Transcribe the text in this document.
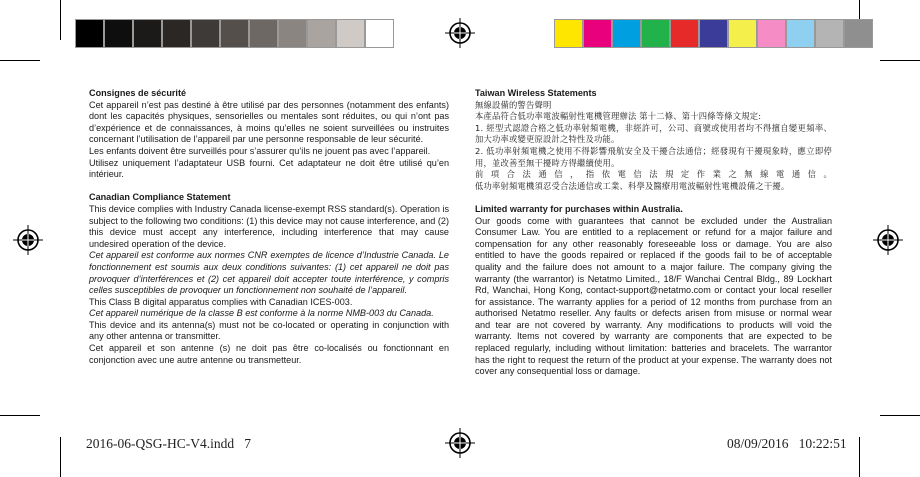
Consignes de sécurité

Cet appareil n’est pas destiné à être utilisé par des personnes (notamment des enfants) dont les capacités physiques, sensorielles ou mentales sont réduites, ou qui n’ont pas d’expérience et de connaissances, à moins qu’elles ne soient surveillées ou instruites concernant l’utilisation de l’appareil par une personne responsable de leur sécurité.

Les enfants doivent être surveillés pour s’assurer qu’ils ne jouent pas avec l’appareil.

Utilisez uniquement l’adaptateur USB fourni. Cet adaptateur ne doit être utilisé qu’en intérieur.

Canadian Compliance Statement

This device complies with Industry Canada license-exempt RSS standard(s). Operation is subject to the following two conditions: (1) this device may not cause interference, and (2) this device must accept any interference, including interference that may cause undesired operation of the device.

Cet appareil est conforme aux normes CNR exemptes de licence d’Industrie Canada. Le fonctionnement est soumis aux deux conditions suivantes: (1) cet appareil ne doit pas provoquer d’interférences et (2) cet appareil doit accepter toute interférence, y compris celles susceptibles de provoquer un fonctionnement non souhaité de l’appareil.

This Class B digital apparatus complies with Canadian ICES-003.

Cet appareil numérique de la classe B est conforme à la norme NMB-003 du Canada.

This device and its antenna(s) must not be co-located or operating in conjunction with any other antenna or transmitter.

Cet appareil et son antenne (s) ne doit pas être co-localisés ou fonctionnant en conjonction avec une autre antenne ou transmetteur.

Taiwan Wireless Statements

無線設備的警告聲明

本產品符合低功率電波輻射性電機管理辦法 第十二條、第十四條等條文規定:

1. 經型式認證合格之低功率射頻電機，非經許可，公司、商號或使用者均不得擅自變更頻率、加大功率或變更原設計之特性及功能。

2. 低功率射頻電機之使用不得影響飛航安全及干擾合法通信；經發現有干擾現象時，應立即停用，並改善至無干擾時方得繼續使用。

前項合法通信，指依電信法規定作業之無線電通信。

低功率射頻電機須忍受合法通信或工業、科學及醫療用電波輻射性電機設備之干擾。

Limited warranty for purchases within Australia.

Our goods come with guarantees that cannot be excluded under the Australian Consumer Law. You are entitled to a replacement or refund for a major failure and compensation for any other reasonably foreseeable loss or damage. You are also entitled to have the goods repaired or replaced if the goods fail to be of acceptable quality and the failure does not amount to a major failure. The company giving the warranty (the warrantor) is Netatmo Limited., 18/F Wanchai Central Bldg., 89 Lockhart Rd, Wanchai, Hong Kong, contact-support@netatmo.com or contact your local reseller for assistance. The warranty applies for a period of 12 months from purchase from an authorised Netatmo reseller. Any faults or defects arisen from misuse or normal wear and tear are not covered by warranty. Any modifications to products will void the warranty. Items not covered by warranty are components that are expected to be replaced regularly, including without limitation: batteries and bracelets. The warrantor has the right to request the return of the product at your expense. The warranty does not cover any consequential loss or damage.

2016-06-QSG-HC-V4.indd   7	08/09/2016   10:22:51
